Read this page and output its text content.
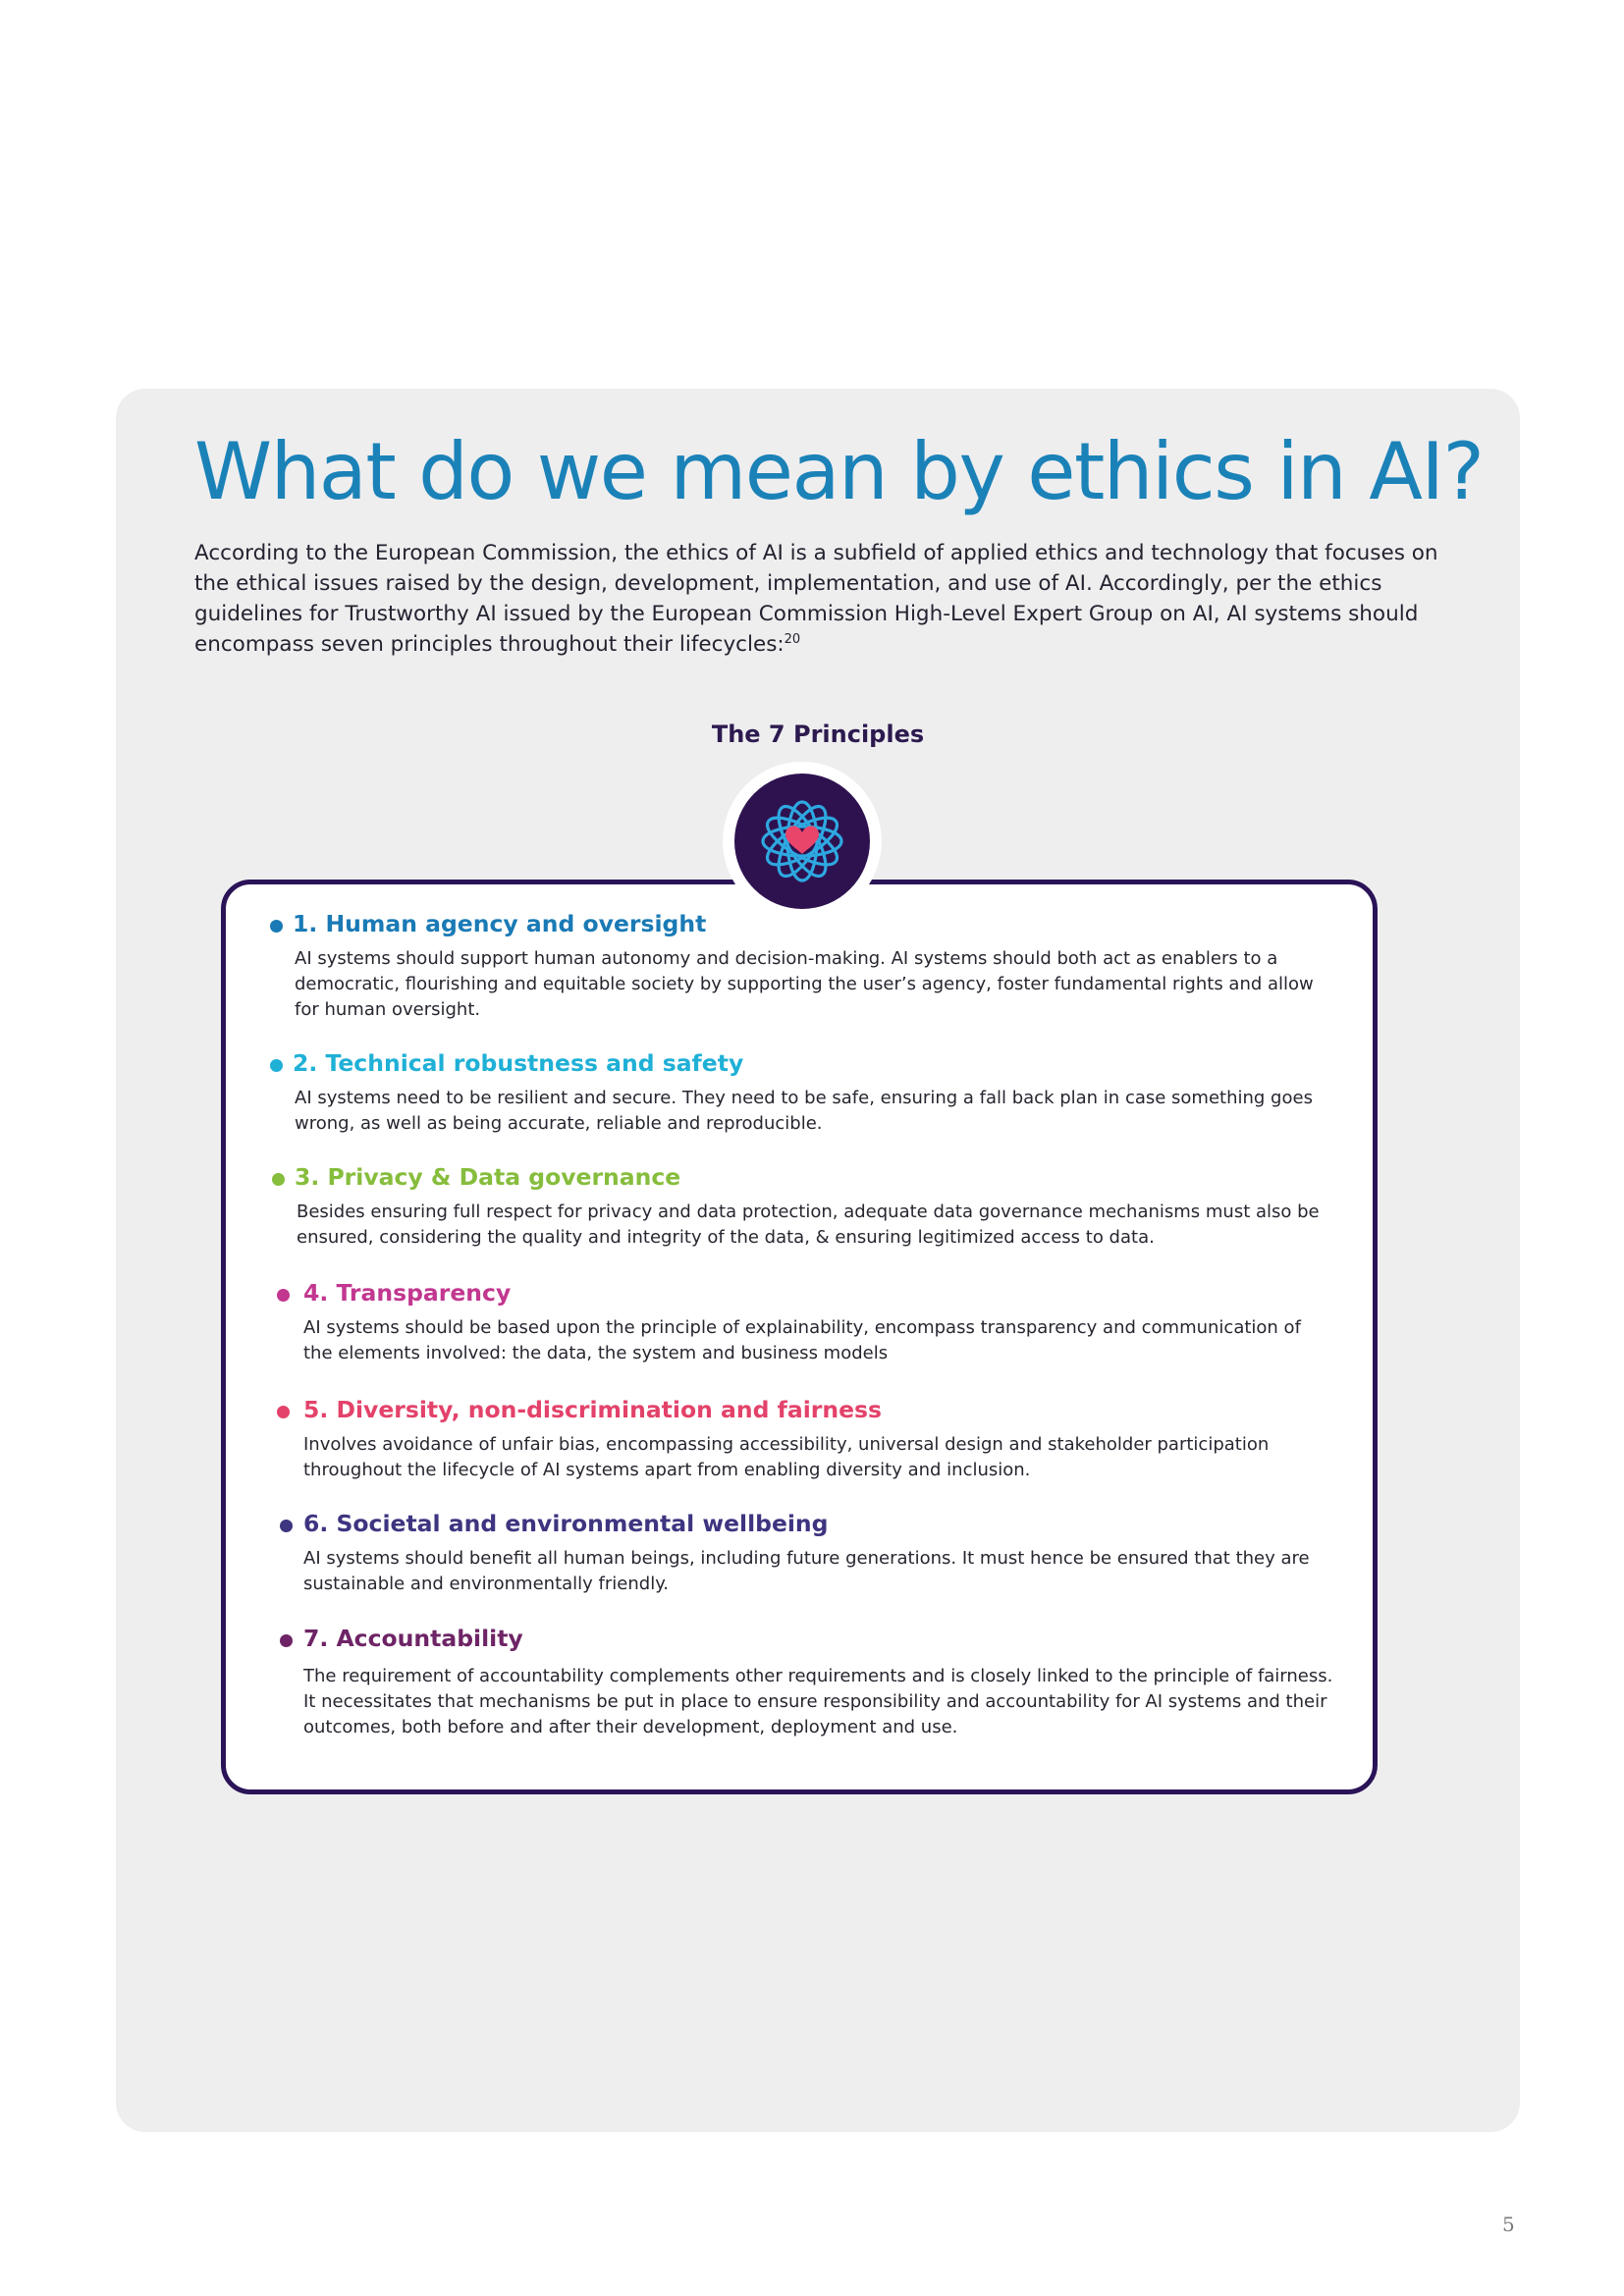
What do we mean by ethics in AI?

According to the European Commission, the ethics of AI is a subfield of applied ethics and technology that focuses on the ethical issues raised by the design, development, implementation, and use of AI. Accordingly, per the ethics guidelines for Trustworthy AI issued by the European Commission High-Level Expert Group on AI, AI systems should encompass seven principles throughout their lifecycles:$^{20}$

The 7 Principles

1. Human agency and oversight

AI systems should support human autonomy and decision-making. AI systems should both act as enablers to a democratic, flourishing and equitable society by supporting the user’s agency, foster fundamental rights and allow for human oversight.

2. Technical robustness and safety

AI systems need to be resilient and secure. They need to be safe, ensuring a fall back plan in case something goes wrong, as well as being accurate, reliable and reproducible.

3. Privacy & Data governance

Besides ensuring full respect for privacy and data protection, adequate data governance mechanisms must also be ensured, considering the quality and integrity of the data, & ensuring legitimized access to data.

4. Transparency

AI systems should be based upon the principle of explainability, encompass transparency and communication of the elements involved: the data, the system and business models

5. Diversity, non-discrimination and fairness

Involves avoidance of unfair bias, encompassing accessibility, universal design and stakeholder participation throughout the lifecycle of AI systems apart from enabling diversity and inclusion.

6. Societal and environmental wellbeing

AI systems should benefit all human beings, including future generations. It must hence be ensured that they are sustainable and environmentally friendly.

7. Accountability

The requirement of accountability complements other requirements and is closely linked to the principle of fairness. It necessitates that mechanisms be put in place to ensure responsibility and accountability for AI systems and their outcomes, both before and after their development, deployment and use.

5
